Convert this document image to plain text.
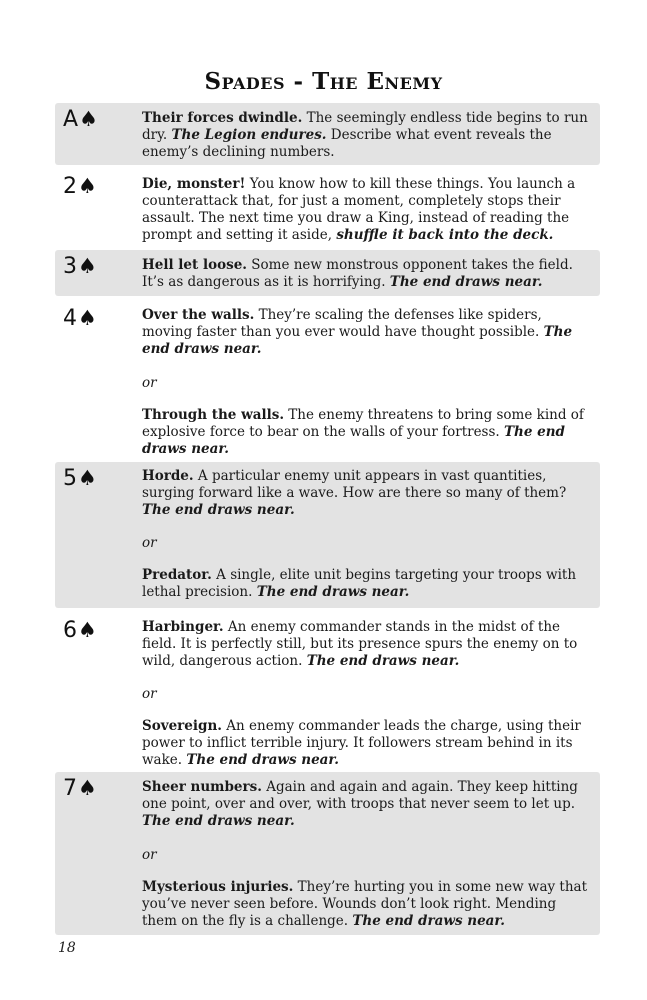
Spades - The Enemy
A♠	Their forces dwindle. The seemingly endless tide begins to run dry. The Legion endures. Describe what event reveals the enemy’s declining numbers.

2♠	Die, monster! You know how to kill these things. You launch a counterattack that, for just a moment, completely stops their assault. The next time you draw a King, instead of reading the prompt and setting it aside, shuffle it back into the deck.

3♠	Hell let loose. Some new monstrous opponent takes the field. It’s as dangerous as it is horrifying. The end draws near.

4♠	Over the walls. They’re scaling the defenses like spiders, moving faster than you ever would have thought possible. The end draws near.

or

Through the walls. The enemy threatens to bring some kind of explosive force to bear on the walls of your fortress. The end draws near.

5♠	Horde. A particular enemy unit appears in vast quantities, surging forward like a wave. How are there so many of them? The end draws near.

or

Predator. A single, elite unit begins targeting your troops with lethal precision. The end draws near.

6♠	Harbinger. An enemy commander stands in the midst of the field. It is perfectly still, but its presence spurs the enemy on to wild, dangerous action. The end draws near.

or

Sovereign. An enemy commander leads the charge, using their power to inflict terrible injury. It followers stream behind in its wake. The end draws near.

7♠	Sheer numbers. Again and again and again. They keep hitting one point, over and over, with troops that never seem to let up. The end draws near.

or

Mysterious injuries. They’re hurting you in some new way that you’ve never seen before. Wounds don’t look right. Mending them on the fly is a challenge. The end draws near.

18
